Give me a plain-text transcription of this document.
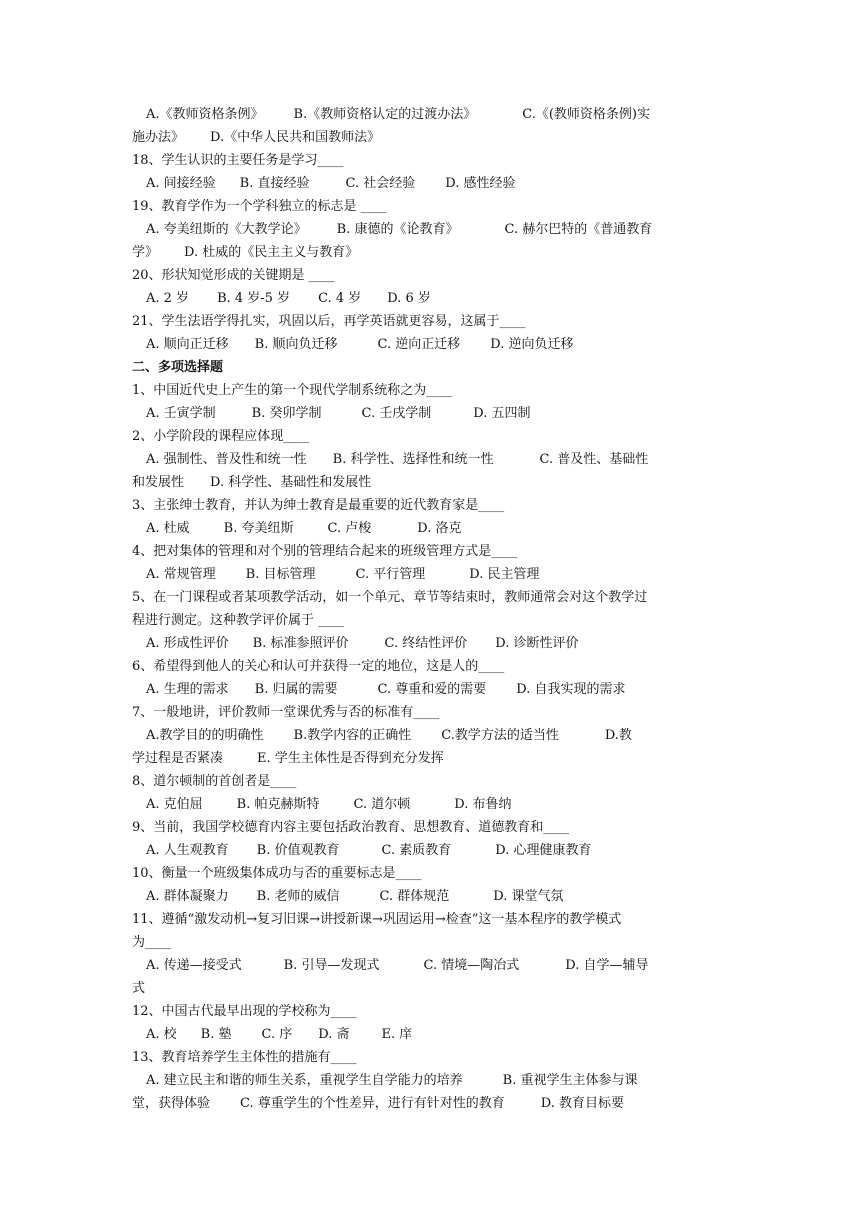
A.《教师资格条例》 B.《教师资格认定的过渡办法》	C.《(教师资格条例)实
施办法》 D.《中华人民共和国教师法》
18、学生认识的主要任务是学习____
A. 间接经验 B. 直接经验	C. 社会经验 D. 感性经验
19、教育学作为一个学科独立的标志是 ____
A. 夸美纽斯的《大教学论》 B. 康德的《论教育》	C. 赫尔巴特的《普通教育
学》 D. 杜威的《民主主义与教育》
20、形状知觉形成的关键期是 ____
A. 2 岁 B. 4 岁-5 岁 C. 4 岁 D. 6 岁
21、学生法语学得扎实，巩固以后，再学英语就更容易，这属于____
A. 顺向正迁移 B. 顺向负迁移	C. 逆向正迁移 D. 逆向负迁移
二、多项选择题
1、中国近代史上产生的第一个现代学制系统称之为____
A. 壬寅学制	B. 癸卯学制	C. 壬戌学制	D. 五四制
2、小学阶段的课程应体现____
A. 强制性、普及性和统一性 B. 科学性、选择性和统一性	C. 普及性、基础性
和发展性 D. 科学性、基础性和发展性
3、主张绅士教育，并认为绅士教育是最重要的近代教育家是____
A. 杜威	B. 夸美纽斯	C. 卢梭	D. 洛克
4、把对集体的管理和对个别的管理结合起来的班级管理方式是____
A. 常规管理 B. 目标管理	C. 平行管理	D. 民主管理
5、在一门课程或者某项教学活动，如一个单元、章节等结束时，教师通常会对这个教学过
程进行测定。这种教学评价属于 ____
A. 形成性评价 B. 标准参照评价	C. 终结性评价 D. 诊断性评价
6、希望得到他人的关心和认可并获得一定的地位，这是人的____
A. 生理的需求 B. 归属的需要	C. 尊重和爱的需要 D. 自我实现的需求
7、一般地讲，评价教师一堂课优秀与否的标准有____
A.教学目的的明确性 B.教学内容的正确性 C.教学方法的适当性	D.教
学过程是否紧凑	E. 学生主体性是否得到充分发挥
8、道尔顿制的首创者是____
A. 克伯屈	B. 帕克赫斯特	C. 道尔顿	D. 布鲁纳
9、当前，我国学校德育内容主要包括政治教育、思想教育、道德教育和____
A. 人生观教育 B. 价值观教育	C. 素质教育	D. 心理健康教育
10、衡量一个班级集体成功与否的重要标志是____
A. 群体凝聚力 B. 老师的威信	C. 群体规范	D. 课堂气氛
11、遵循“激发动机→复习旧课→讲授新课→巩固运用→检查”这一基本程序的教学模式
为____
A. 传递—接受式	B. 引导—发现式	C. 情境—陶冶式	D. 自学—辅导
式
12、中国古代最早出现的学校称为____
A. 校 B. 塾 C. 序 D. 斋 E. 庠
13、教育培养学生主体性的措施有____
A. 建立民主和谐的师生关系，重视学生自学能力的培养	B. 重视学生主体参与课
堂，获得体验 C. 尊重学生的个性差异，进行有针对性的教育	D. 教育目标要
